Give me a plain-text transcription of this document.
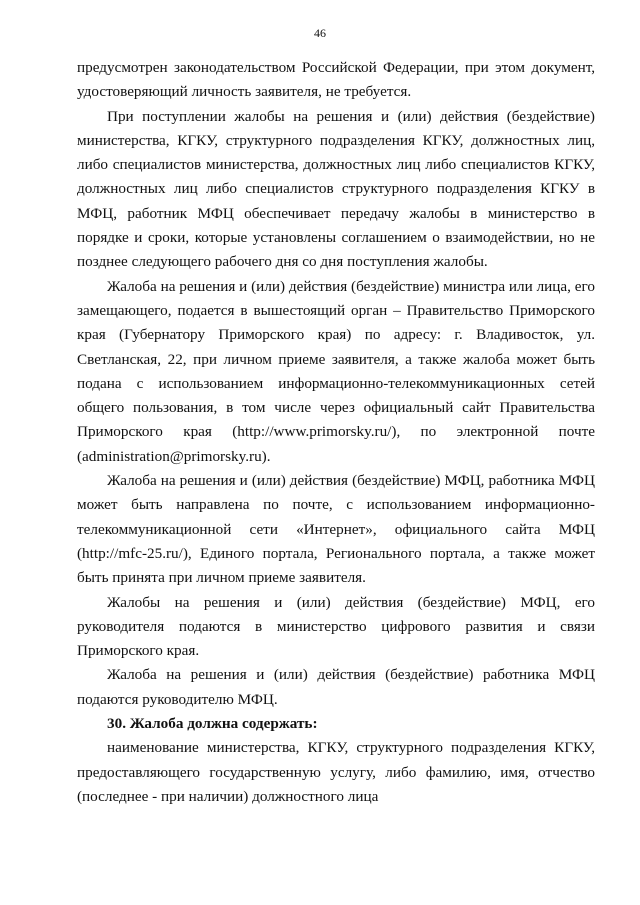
46

предусмотрен законодательством Российской Федерации, при этом документ, удостоверяющий личность заявителя, не требуется.

При поступлении жалобы на решения и (или) действия (бездействие) министерства, КГКУ, структурного подразделения КГКУ, должностных лиц, либо специалистов министерства, должностных лиц либо специалистов КГКУ, должностных лиц либо специалистов структурного подразделения КГКУ в МФЦ, работник МФЦ обеспечивает передачу жалобы в министерство в порядке и сроки, которые установлены соглашением о взаимодействии, но не позднее следующего рабочего дня со дня поступления жалобы.

Жалоба на решения и (или) действия (бездействие) министра или лица, его замещающего, подается в вышестоящий орган – Правительство Приморского края (Губернатору Приморского края) по адресу: г. Владивосток, ул. Светланская, 22, при личном приеме заявителя, а также жалоба может быть подана с использованием информационно-телекоммуникационных сетей общего пользования, в том числе через официальный сайт Правительства Приморского края (http://www.primorsky.ru/), по электронной почте (administration@primorsky.ru).

Жалоба на решения и (или) действия (бездействие) МФЦ, работника МФЦ может быть направлена по почте, с использованием информационно-телекоммуникационной сети «Интернет», официального сайта МФЦ (http://mfc-25.ru/), Единого портала, Регионального портала, а также может быть принята при личном приеме заявителя.

Жалобы на решения и (или) действия (бездействие) МФЦ, его руководителя подаются в министерство цифрового развития и связи Приморского края.

Жалоба на решения и (или) действия (бездействие) работника МФЦ подаются руководителю МФЦ.

30. Жалоба должна содержать:

наименование министерства, КГКУ, структурного подразделения КГКУ, предоставляющего государственную услугу, либо фамилию, имя, отчество (последнее - при наличии) должностного лица
